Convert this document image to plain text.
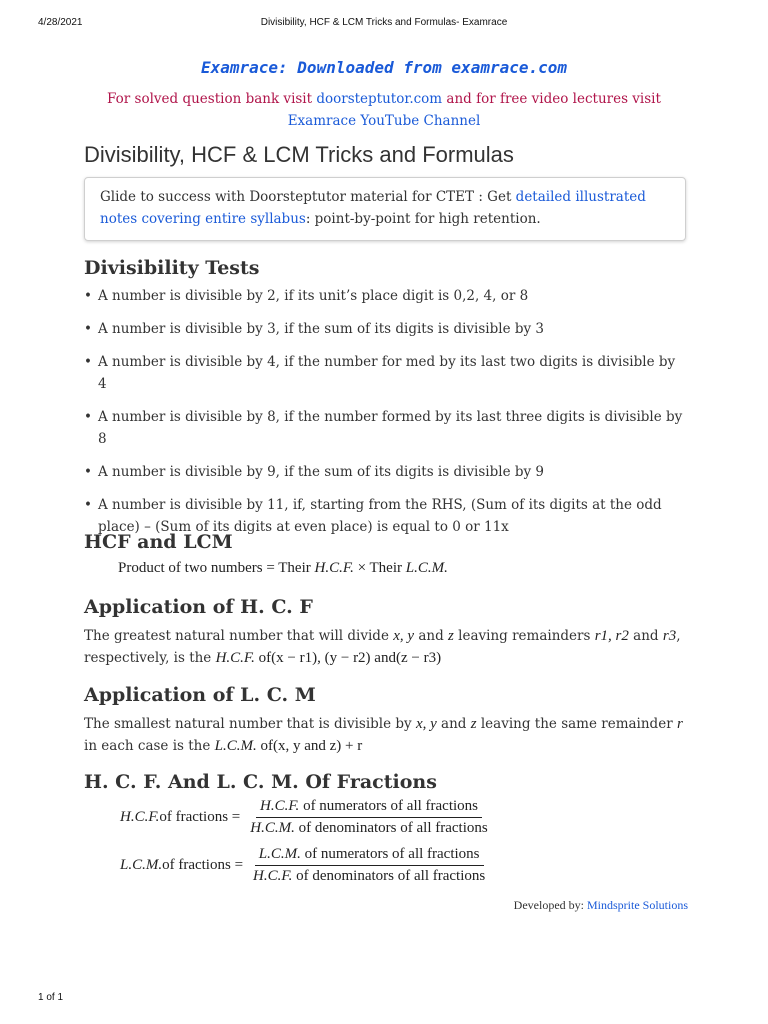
4/28/2021	Divisibility, HCF & LCM Tricks and Formulas- Examrace
Examrace: Downloaded from examrace.com
For solved question bank visit doorsteptutor.com and for free video lectures visit
Examrace YouTube Channel
Divisibility, HCF & LCM Tricks and Formulas
Glide to success with Doorsteptutor material for CTET : Get detailed illustrated notes covering entire syllabus: point-by-point for high retention.
Divisibility Tests
• A number is divisible by 2, if its unit’s place digit is 0,2, 4, or 8
• A number is divisible by 3, if the sum of its digits is divisible by 3
• A number is divisible by 4, if the number for med by its last two digits is divisible by 4
• A number is divisible by 8, if the number formed by its last three digits is divisible by 8
• A number is divisible by 9, if the sum of its digits is divisible by 9
• A number is divisible by 11, if, starting from the RHS, (Sum of its digits at the odd place) – (Sum of its digits at even place) is equal to 0 or 11x
HCF and LCM
Product of two numbers = Their H.C.F. × Their L.C.M.
Application of H. C. F

The greatest natural number that will divide x, y and z leaving remainders r1, r2 and r3, respectively, is the H.C.F. of(x − r1), (y − r2) and(z − r3)

Application of L. C. M

The smallest natural number that is divisible by x, y and z leaving the same remainder r in each case is the L.C.M. of(x, y and z) + r

H. C. F. And L. C. M. Of Fractions
H.C.F. of fractions = $\frac{\text{H.C.F. of numerators of all fractions}}{\text{H.C.M. of denominators of all fractions}}$
L.C.M. of fractions = $\frac{\text{L.C.M. of numerators of all fractions}}{\text{H.C.F. of denominators of all fractions}}$
Developed by: Mindsprite Solutions
1 of 1
